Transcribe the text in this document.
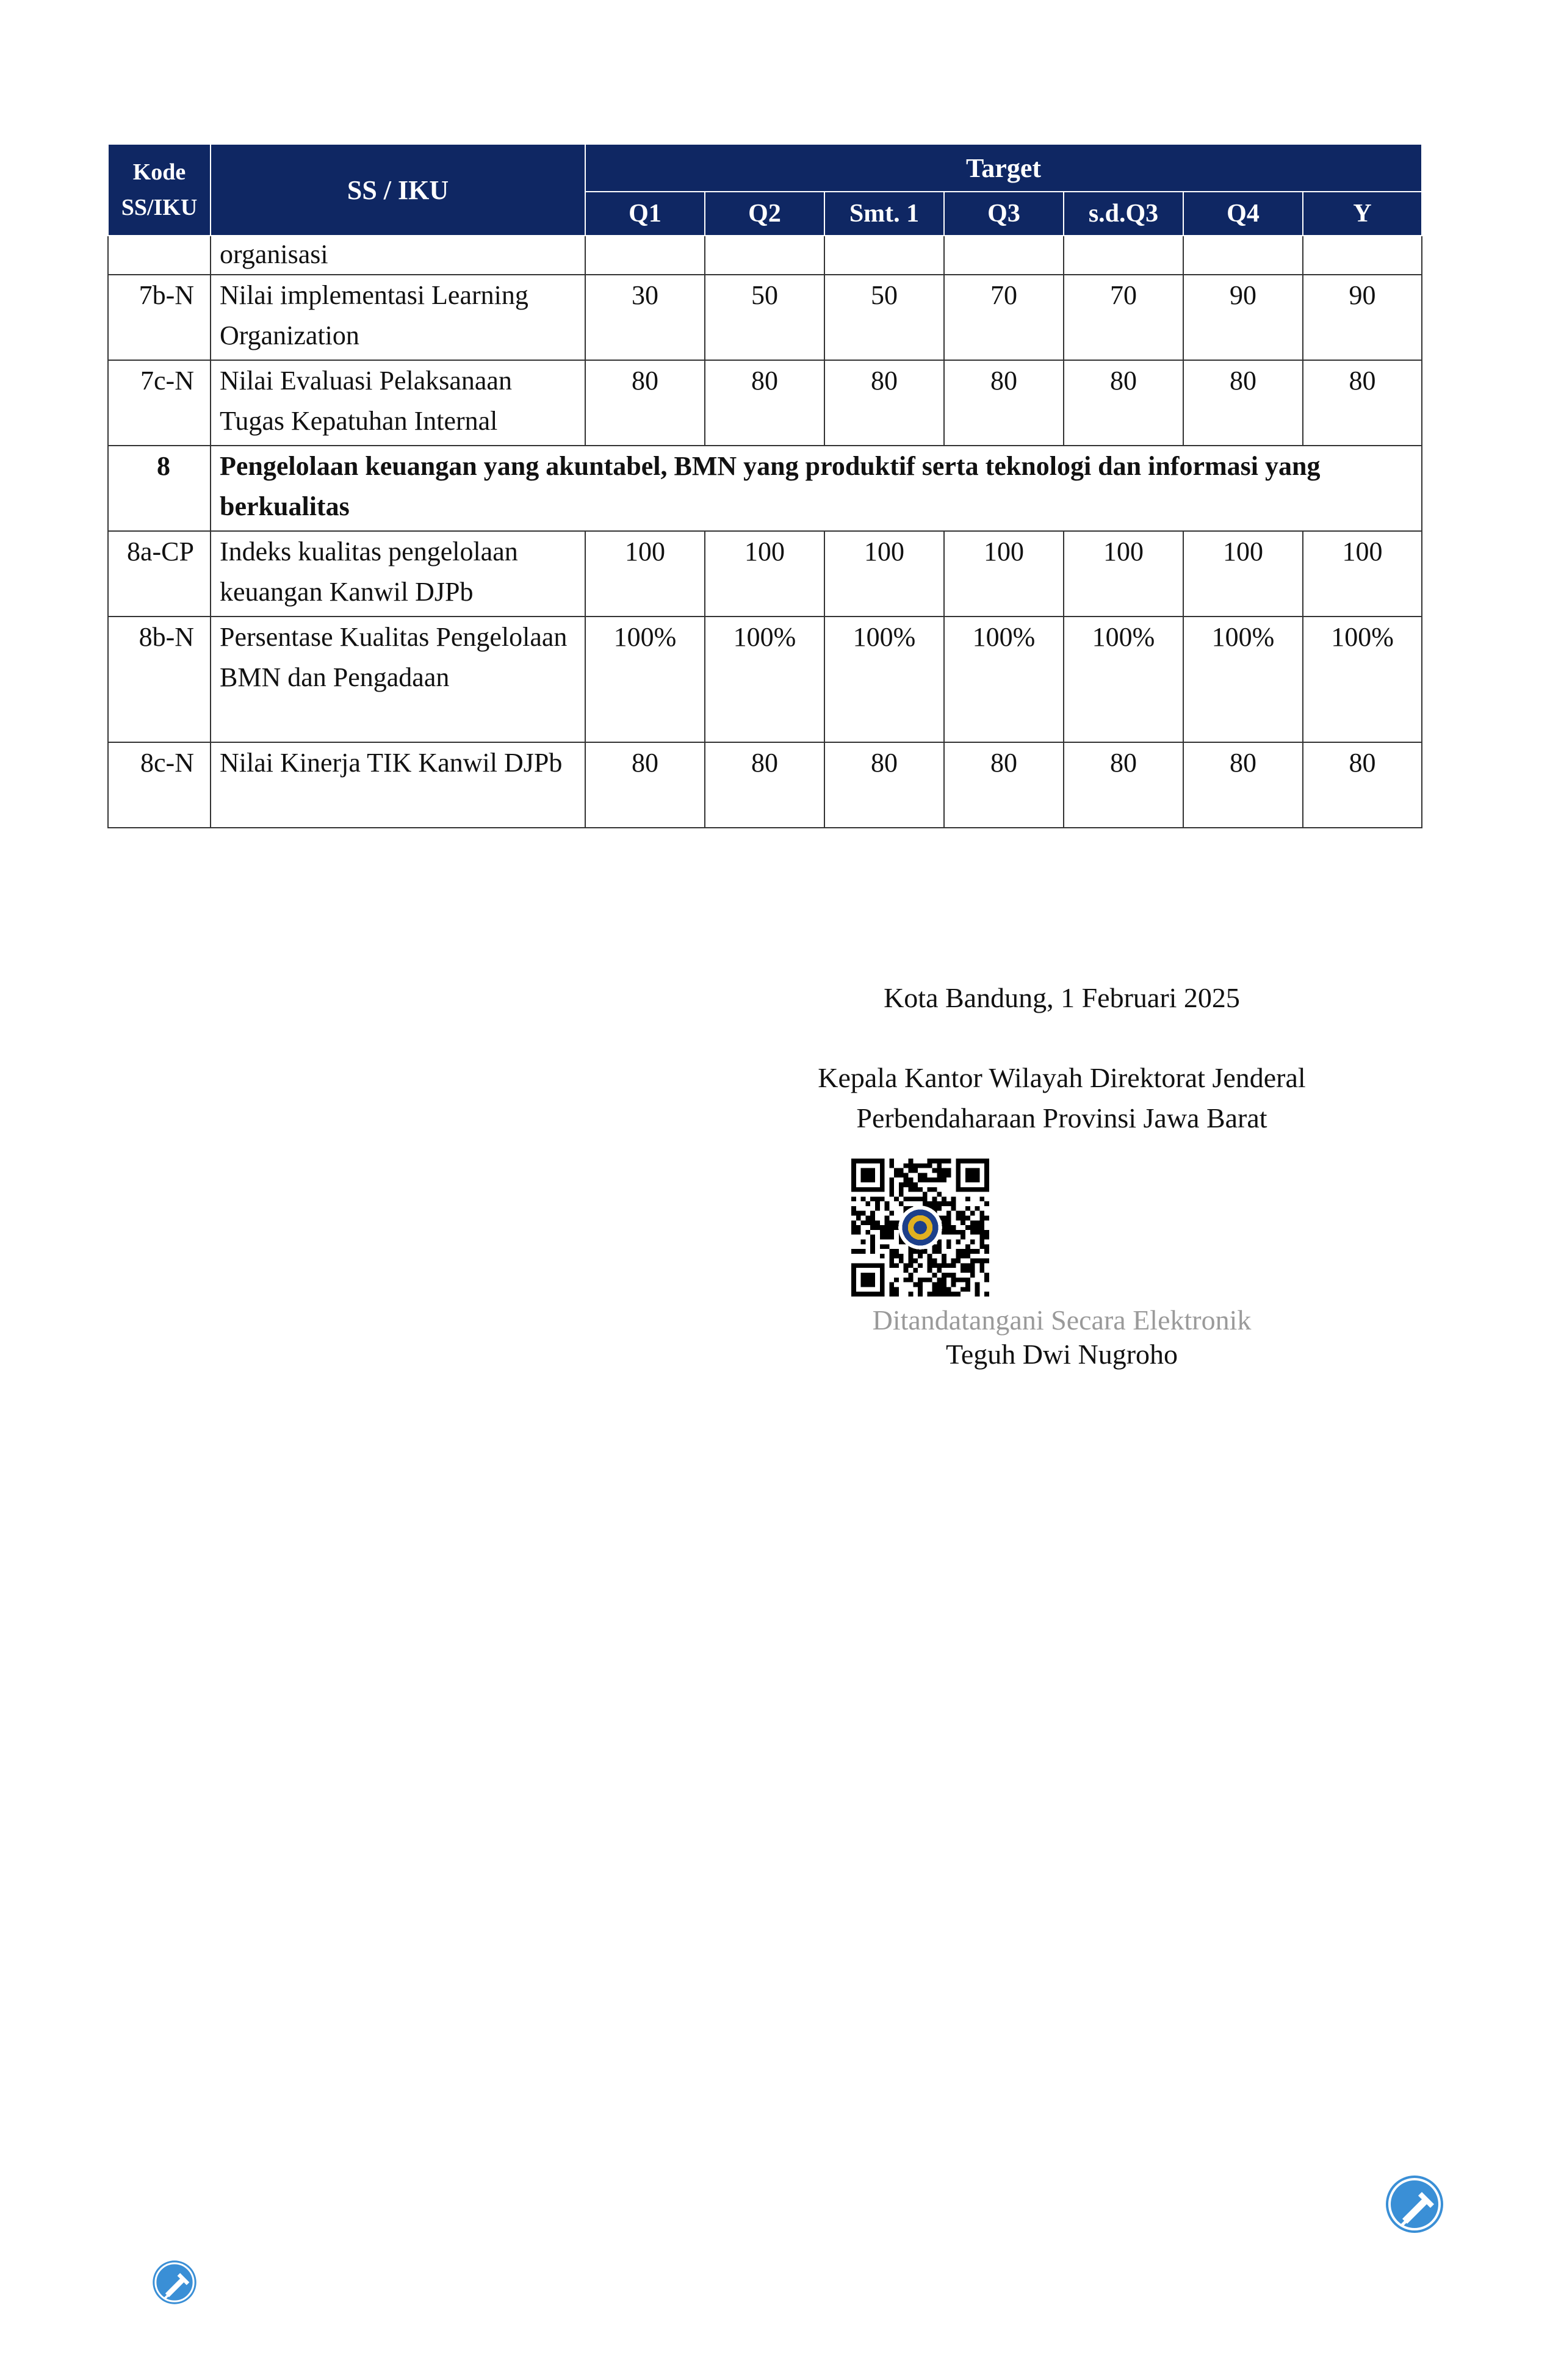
Kode SS/IKU	SS / IKU	Target						
		Q1	Q2	Smt. 1	Q3	s.d.Q3	Q4	Y
	organisasi							
7b-N	Nilai implementasi Learning Organization	30	50	50	70	70	90	90
7c-N	Nilai Evaluasi Pelaksanaan Tugas Kepatuhan Internal	80	80	80	80	80	80	80
8	Pengelolaan keuangan yang akuntabel, BMN yang produktif serta teknologi dan informasi yang berkualitas							
8a-CP	Indeks kualitas pengelolaan keuangan Kanwil DJPb	100	100	100	100	100	100	100
8b-N	Persentase Kualitas Pengelolaan BMN dan Pengadaan	100%	100%	100%	100%	100%	100%	100%
8c-N	Nilai Kinerja TIK Kanwil DJPb	80	80	80	80	80	80	80
Kota Bandung, 1 Februari 2025
Kepala Kantor Wilayah Direktorat Jenderal
Perbendaharaan Provinsi Jawa Barat
Ditandatangani Secara Elektronik
Teguh Dwi Nugroho
